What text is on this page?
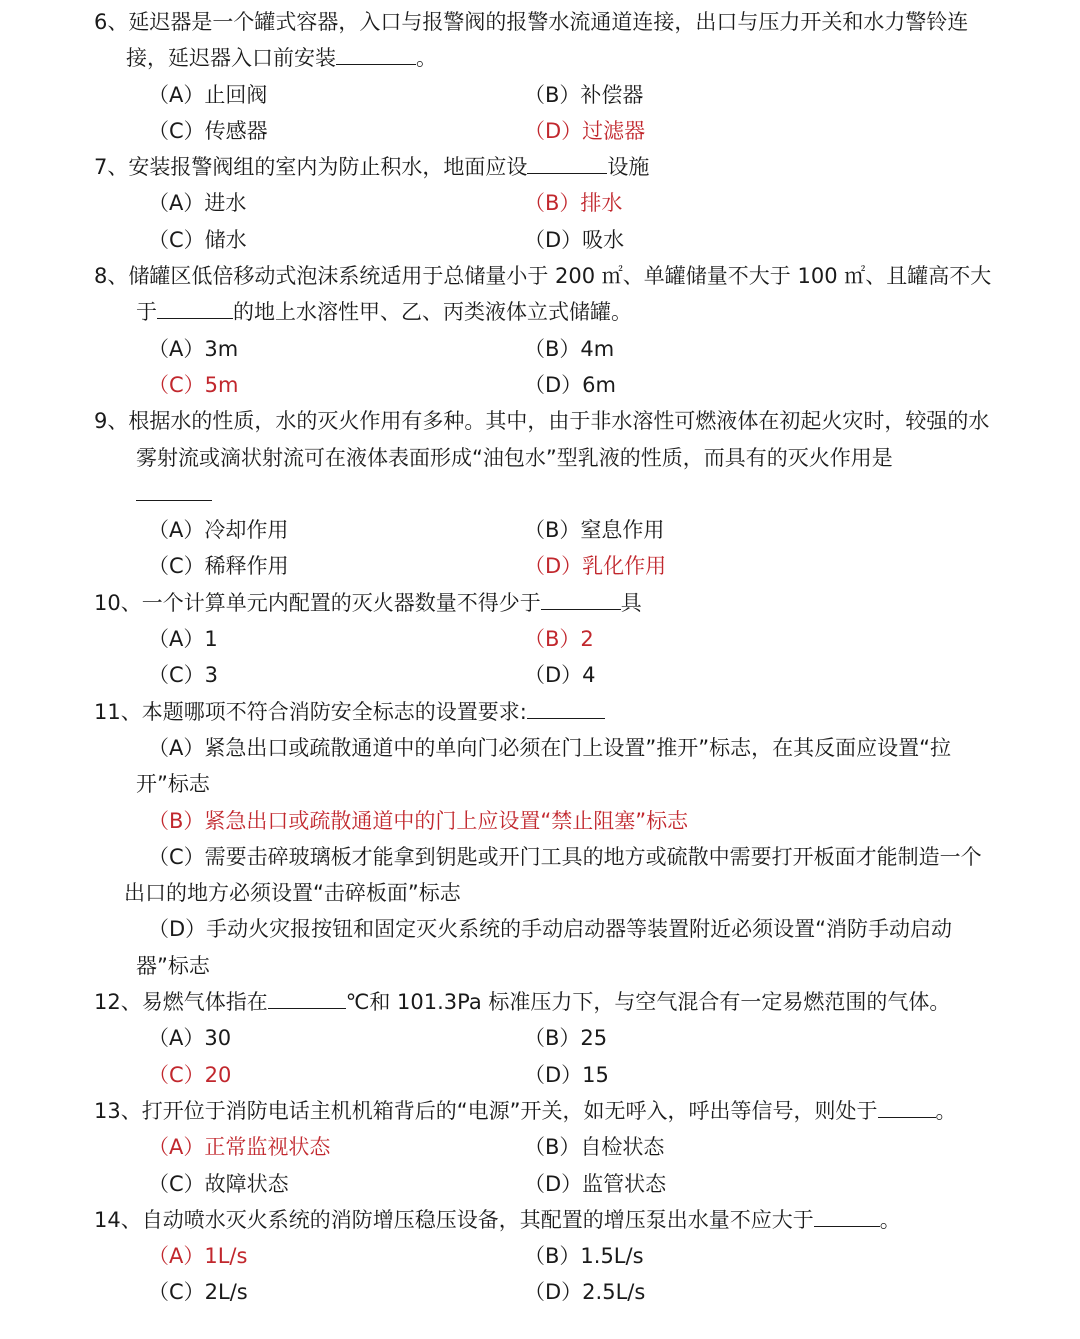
6、延迟器是一个罐式容器，入口与报警阀的报警水流通道连接，出口与压力开关和水力警铃连接，延迟器入口前安装	。
（A）止回阀	（B）补偿器
（C）传感器	（D）过滤器
7、安装报警阀组的室内为防止积水，地面应设	设施
（A）进水	（B）排水
（C）储水	（D）吸水
8、储罐区低倍移动式泡沫系统适用于总储量小于 200 ㎡、单罐储量不大于 100 ㎡、且罐高不大于	的地上水溶性甲、乙、丙类液体立式储罐。
（A）3m	（B）4m
（C）5m	（D）6m
9、根据水的性质，水的灭火作用有多种。其中，由于非水溶性可燃液体在初起火灾时，较强的水雾射流或滴状射流可在液体表面形成“油包水”型乳液的性质，而具有的灭火作用是

（A）冷却作用	（B）窒息作用
（C）稀释作用	（D）乳化作用
10、一个计算单元内配置的灭火器数量不得少于	具
（A）1	（B）2
（C）3	（D）4
11、本题哪项不符合消防安全标志的设置要求:
（A）紧急出口或疏散通道中的单向门必须在门上设置”推开”标志，在其反面应设置“拉开”标志
（B）紧急出口或疏散通道中的门上应设置“禁止阻塞”标志
（C）需要击碎玻璃板才能拿到钥匙或开门工具的地方或硫散中需要打开板面才能制造一个出口的地方必须设置“击碎板面”标志
（D）手动火灾报按钮和固定灭火系统的手动启动器等装置附近必须设置“消防手动启动器”标志
12、易燃气体指在	℃和 101.3Pa 标准压力下，与空气混合有一定易燃范围的气体。
（A）30	（B）25
（C）20	（D）15
13、打开位于消防电话主机机箱背后的“电源”开关，如无呼入，呼出等信号，则处于	。
（A）正常监视状态	（B）自检状态
（C）故障状态	（D）监管状态
14、自动喷水灭火系统的消防增压稳压设备，其配置的增压泵出水量不应大于	。
（A）1L/s	（B）1.5L/s
（C）2L/s	（D）2.5L/s
